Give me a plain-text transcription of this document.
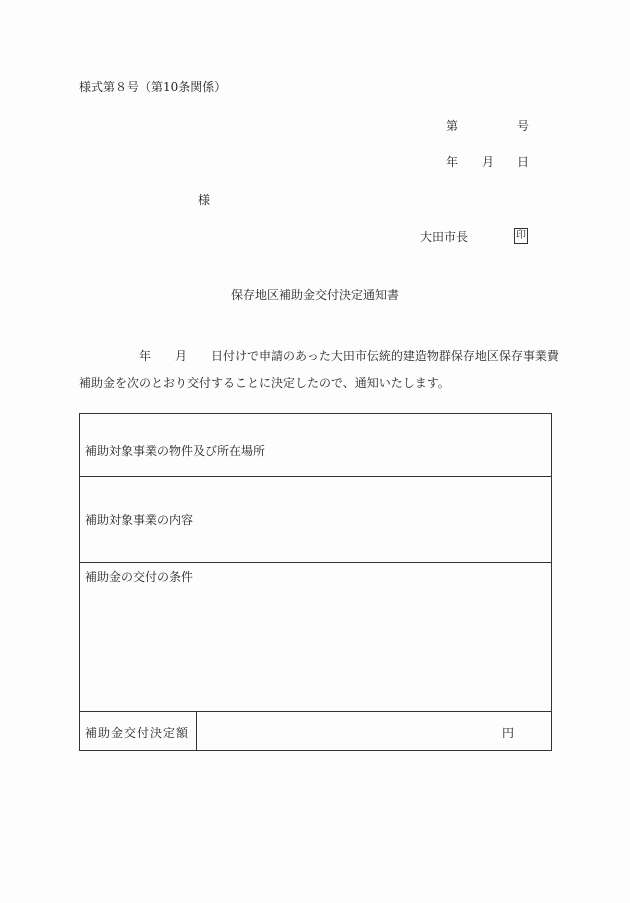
様式第８号（第10条関係）
第	号
年 月 日
様
大田市長	印
保存地区補助金交付決定通知書
　　　　　年　　月　　日付けで申請のあった大田市伝統的建造物群保存地区保存事業費
補助金を次のとおり交付することに決定したので、通知いたします。
補助対象事業の物件及び所在場所
補助対象事業の内容
補助金の交付の条件
補助金交付決定額	円
